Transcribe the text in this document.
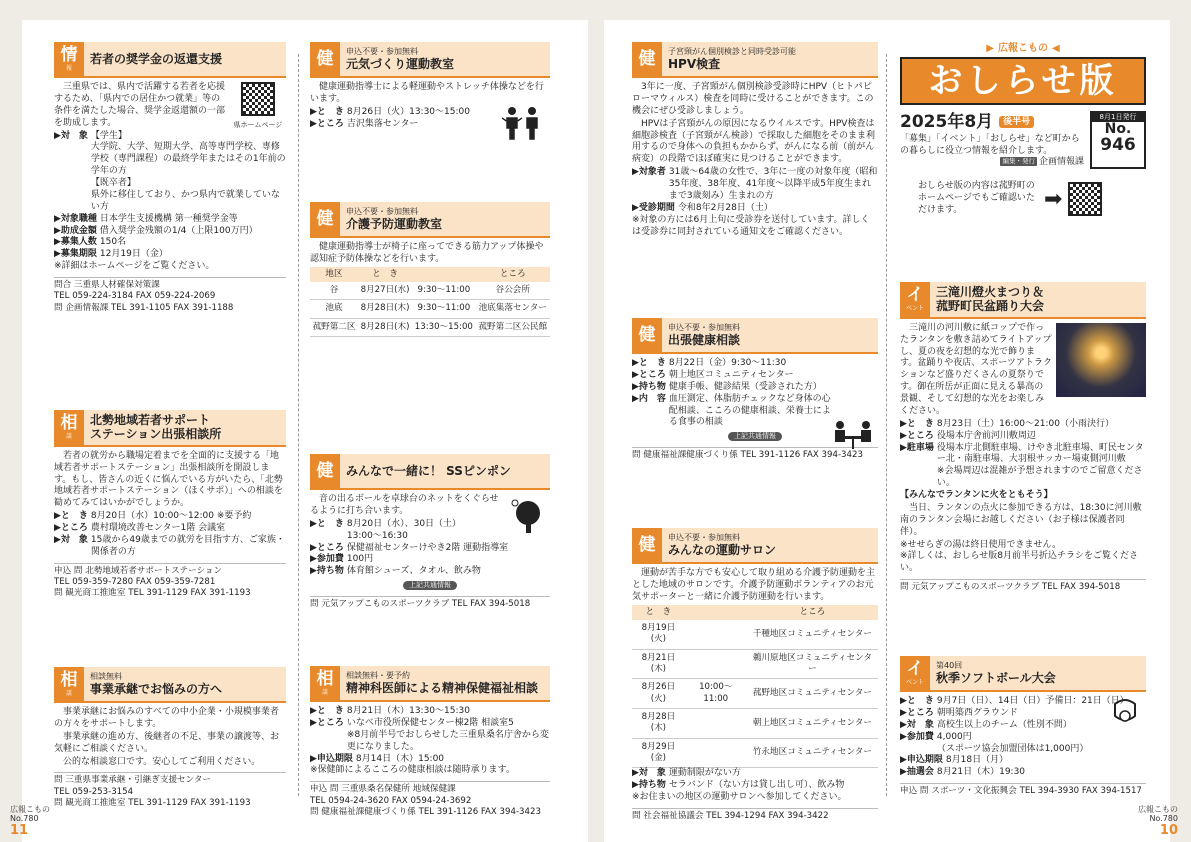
情
報
若者の奨学金の返還支援

三重県では、県内で活躍する若者を応援するため、「県内での居住かつ就業」等の条件を満たした場合、奨学金返還額の一部を助成します。	県ホームページ
▶対　象 【学生】
大学院、大学、短期大学、高等専門学校、専修学校（専門課程）の最終学年またはその1年前の学年の方
【既卒者】
県外に移住しており、かつ県内で就業していない方
▶対象職種 日本学生支援機構 第一種奨学金等
▶助成金額 借入奨学金残額の1/4（上限100万円）
▶募集人数 150名
▶募集期限 12月19日（金）

※詳細はホームページをご覧ください。

問合 三重県人材確保対策課
TEL 059-224-3184 FAX 059-224-2069
問 企画情報課 TEL 391-1105 FAX 391-1188
相
談
北勢地域若者サポート
ステーション出張相談所

若者の就労から職場定着までを全面的に支援する「地域若者サポートステーション」出張相談所を開設します。もし、皆さんの近くに悩んでいる方がいたら、「北勢地域若者サポートステーション（ほくサポ）」への相談を勧めてみてはいかがでしょうか。

▶と　き 8月20日（水）10:00～12:00 ※要予約
▶ところ 農村環境改善センター1階 会議室
▶対　象 15歳から49歳までの就労を目指す方、ご家族・関係者の方
申込 問 北勢地域若者サポートステーション
TEL 059-359-7280 FAX 059-359-7281
問 観光商工推進室 TEL 391-1129 FAX 391-1193
相
談
相談無料
事業承継でお悩みの方へ

事業承継にお悩みのすべての中小企業・小規模事業者の方々をサポートします。

事業承継の進め方、後継者の不足、事業の譲渡等、お気軽にご相談ください。

公的な相談窓口です。安心してご利用ください。

問 三重県事業承継・引継ぎ支援センター
TEL 059-253-3154
問 観光商工推進室 TEL 391-1129 FAX 391-1193
健	申込不要・参加無料
元気づくり運動教室

健康運動指導士による軽運動やストレッチ体操などを行います。

▶と　き 8月26日（火）13:30～15:00
▶ところ 吉沢集落センター
健	申込不要・参加無料
介護予防運動教室

健康運動指導士が椅子に座ってできる筋力アップ体操や認知症予防体操などを行います。

地区	と　き		ところ
谷	8月27日(水)	9:30～11:00	谷公会所
池底	8月28日(木)	9:30～11:00	池底集落センター
菰野第二区	8月28日(木)	13:30～15:00	菰野第二区公民館
健	みんなで一緒に！ SSピンポン

音の出るボールを卓球台のネットをくぐらせるように打ち合います。

▶と　き 8月20日（水）、30日（土）
13:00～16:30
▶ところ 保健福祉センターけやき2階 運動指導室
▶参加費 100円
▶持ち物 体育館シューズ、タオル、飲み物
上記共通情報
問 元気アップこものスポーツクラブ TEL FAX 394-5018
相
談
相談無料・要予約
精神科医師による精神保健福祉相談
▶と　き 8月21日（木）13:30～15:30
▶ところ いなべ市役所保健センター棟2階 相談室5
※8月前半号でおしらせした三重県桑名庁舎から変更になりました。
▶申込期限 8月14日（木）15:00

※保健師によるこころの健康相談は随時承ります。

申込 問 三重県桑名保健所 地域保健課
TEL 0594-24-3620 FAX 0594-24-3692
問 健康福祉課健康づくり係 TEL 391-1126 FAX 394-3423
広報こもの
No.780
11
健	子宮頸がん個別検診と同時受診可能
HPV検査

3年に一度、子宮頸がん個別検診受診時にHPV（ヒトパピローマウィルス）検査を同時に受けることができます。この機会にぜひ受診しましょう。

HPVは子宮頸がんの原因になるウイルスです。HPV検査は細胞診検査（子宮頸がん検診）で採取した細胞をそのまま利用するので身体への負担もかからず、がんになる前（前がん病変）の段階でほぼ確実に見つけることができます。

▶対象者 31歳～64歳の女性で、3年に一度の対象年度（昭和35年度、38年度、41年度～以降平成5年度生まれまで3歳刻み）生まれの方
▶受診期間 令和8年2月28日（土）

※対象の方には6月上旬に受診券を送付しています。詳しくは受診券に同封されている通知文をご確認ください。

健	申込不要・参加無料
出張健康相談
▶と　き 8月22日（金）9:30～11:30
▶ところ 朝上地区コミュニティセンター
▶持ち物 健康手帳、健診結果（受診された方）
▶内　容 血圧測定、体脂肪チェックなど身体の心配相談、こころの健康相談、栄養士による食事の相談
上記共通情報
問 健康福祉課健康づくり係 TEL 391-1126 FAX 394-3423
健	申込不要・参加無料
みんなの運動サロン

運動が苦手な方でも安心して取り組める介護予防運動を主とした地域のサロンです。介護予防運動ボランティアのお元気サポーターと一緒に介護予防運動を行います。

と　き		ところ
8月19日(火)		千種地区コミュニティセンター
8月21日(木)		鵜川原地区コミュニティセンター
8月26日(火)	10:00～11:00	菰野地区コミュニティセンター
8月28日(木)		朝上地区コミュニティセンター
8月29日(金)		竹永地区コミュニティセンター
▶対　象 運動制限がない方
▶持ち物 セラバンド（ない方は貸し出し可）、飲み物

※お住まいの地区の運動サロンへ参加してください。

問 社会福祉協議会 TEL 394-1294 FAX 394-3422
▶ 広報こもの ◀
おしらせ版
2025年8月 後半号

「募集」「イベント」「おしらせ」など町からの暮らしに役立つ情報を紹介します。

編集・発行 企画情報課
8月1日発行
No.
946

おしらせ版の内容は菰野町のホームページでもご確認いただけます。	➡
イ
ベント
三滝川燈火まつり＆
菰野町民盆踊り大会

三滝川の河川敷に紙コップで作ったランタンを敷き詰めてライトアップし、夏の夜を幻想的な光で飾ります。盆踊りや夜店、スポーツアトラクションなど盛りだくさんの夏祭りです。御在所岳が正面に見える暴高の景観、そして幻想的な光をお楽しみください。

▶と　き 8月23日（土）16:00～21:00（小雨決行）
▶ところ 役場本庁舎前河川敷周辺
▶駐車場 役場本庁北側駐車場、けやき北駐車場、町民センター北・南駐車場、大羽根サッカー場東側河川敷
※会場周辺は混雑が予想されますのでご留意ください。

【みんなでランタンに火をともそう】

当日、ランタンの点火に参加できる方は、18:30に河川敷南のランタン会場にお越しください（お子様は保護者同伴）。

※せせらぎの湯は終日使用できません。
※詳しくは、おしらせ版8月前半号折込チラシをご覧ください。

問 元気アップこものスポーツクラブ TEL FAX 394-5018
イ
ベント
第40回
秋季ソフトボール大会
▶と　き 9月7日（日）、14日（日）予備日：21日（日）
▶ところ 朝明築西グラウンド
▶対　象 高校生以上のチーム（性別不問）
▶参加費 4,000円
（スポーツ協会加盟団体は1,000円）
▶申込期限 8月18日（月）
▶抽選会 8月21日（木）19:30
申込 問 スポーツ・文化振興会 TEL 394-3930 FAX 394-1517
広報こもの
No.780
10
